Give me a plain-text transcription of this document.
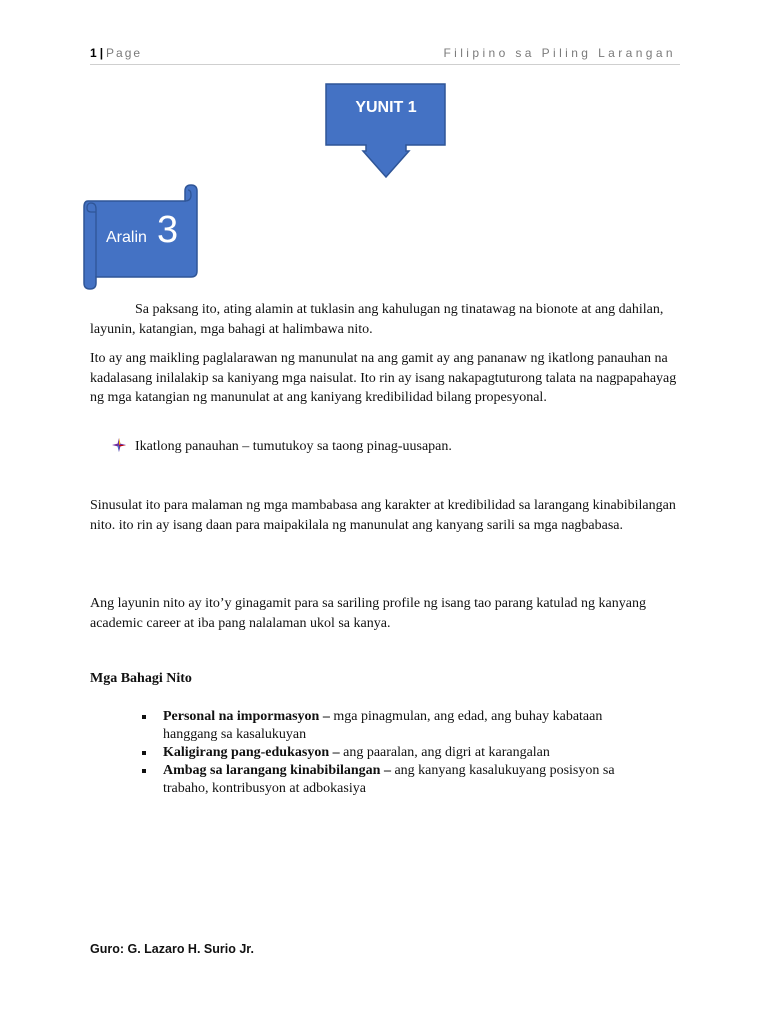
1 | Page	Filipino sa Piling Larangan
YUNIT 1
Aralin 3

Sa paksang ito, ating alamin at tuklasin ang kahulugan ng tinatawag na bionote at ang dahilan, layunin, katangian, mga bahagi at halimbawa nito.

Ito ay ang maikling paglalarawan ng manunulat na ang gamit ay ang pananaw ng ikatlong panauhan na kadalasang inilalakip sa kaniyang mga naisulat. Ito rin ay isang nakapagtuturong talata na nagpapahayag ng mga katangian ng manunulat at ang kaniyang kredibilidad bilang propesyonal.

Ikatlong panauhan – tumutukoy sa taong pinag-uusapan.

Sinusulat ito para malaman ng mga mambabasa ang karakter at kredibilidad sa larangang kinabibilangan nito. ito rin ay isang daan para maipakilala ng manunulat ang kanyang sarili sa mga nagbabasa.

Ang layunin nito ay ito’y ginagamit para sa sariling profile ng isang tao parang katulad ng kanyang academic career at iba pang nalalaman ukol sa kanya.

Mga Bahagi Nito
Personal na impormasyon – mga pinagmulan, ang edad, ang buhay kabataan hanggang sa kasalukuyan
Kaligirang pang-edukasyon – ang paaralan, ang digri at karangalan
Ambag sa larangang kinabibilangan – ang kanyang kasalukuyang posisyon sa trabaho, kontribusyon at adbokasiya
Guro: G. Lazaro H. Surio Jr.
